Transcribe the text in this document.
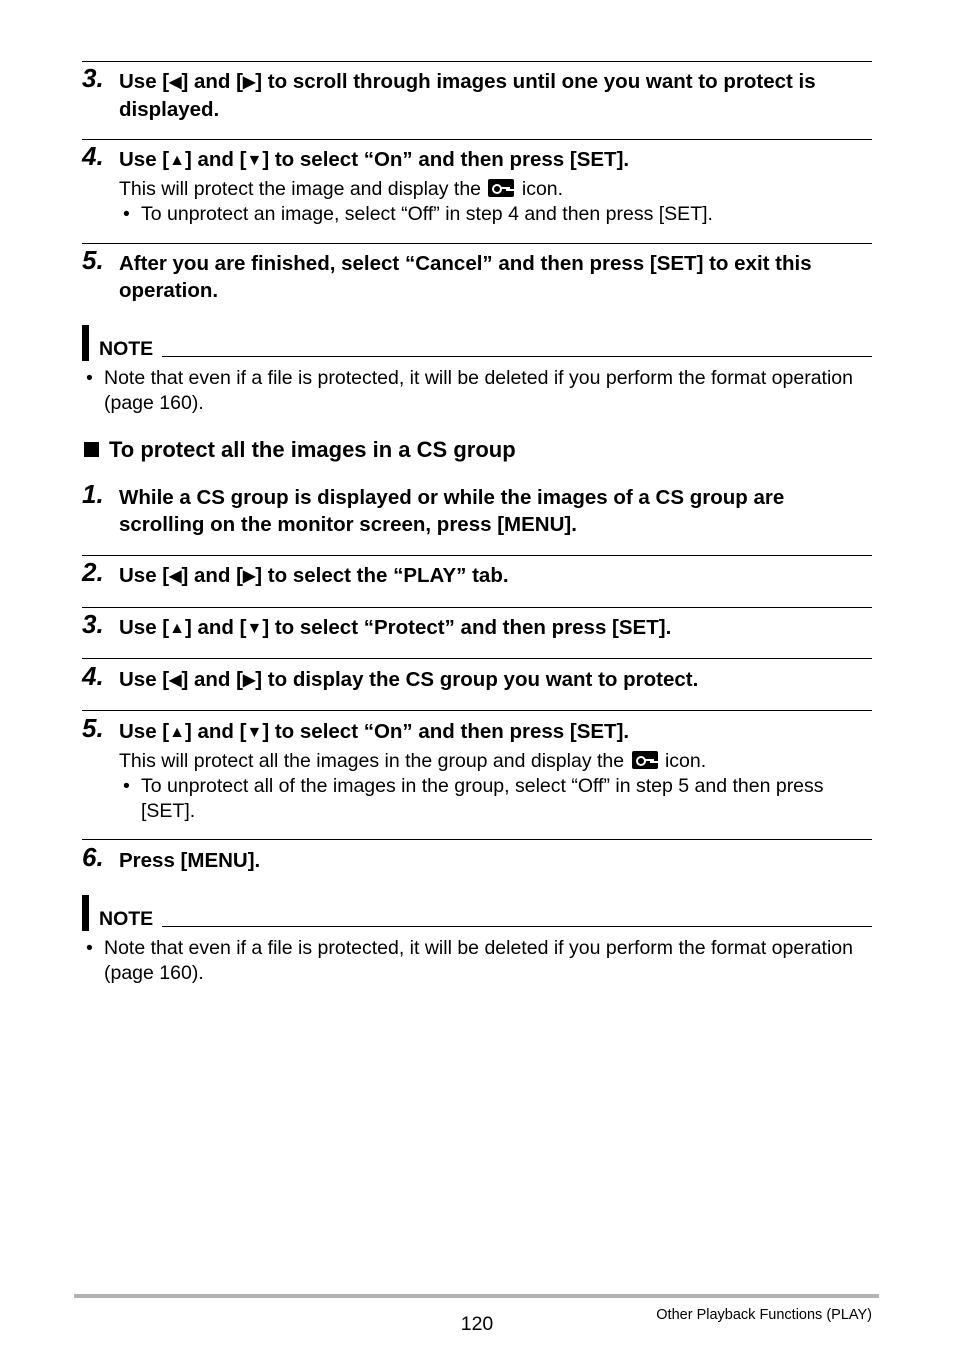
3. Use [◀] and [▶] to scroll through images until one you want to protect is displayed.
4. Use [▲] and [▼] to select “On” and then press [SET].
This will protect the image and display the icon.
• To unprotect an image, select “Off” in step 4 and then press [SET].
5. After you are finished, select “Cancel” and then press [SET] to exit this operation.
NOTE
• Note that even if a file is protected, it will be deleted if you perform the format operation (page 160).
To protect all the images in a CS group
1. While a CS group is displayed or while the images of a CS group are scrolling on the monitor screen, press [MENU].
2. Use [◀] and [▶] to select the “PLAY” tab.
3. Use [▲] and [▼] to select “Protect” and then press [SET].
4. Use [◀] and [▶] to display the CS group you want to protect.
5. Use [▲] and [▼] to select “On” and then press [SET].
This will protect all the images in the group and display the icon.
• To unprotect all of the images in the group, select “Off” in step 5 and then press [SET].
6. Press [MENU].
NOTE
• Note that even if a file is protected, it will be deleted if you perform the format operation (page 160).
120	Other Playback Functions (PLAY)
